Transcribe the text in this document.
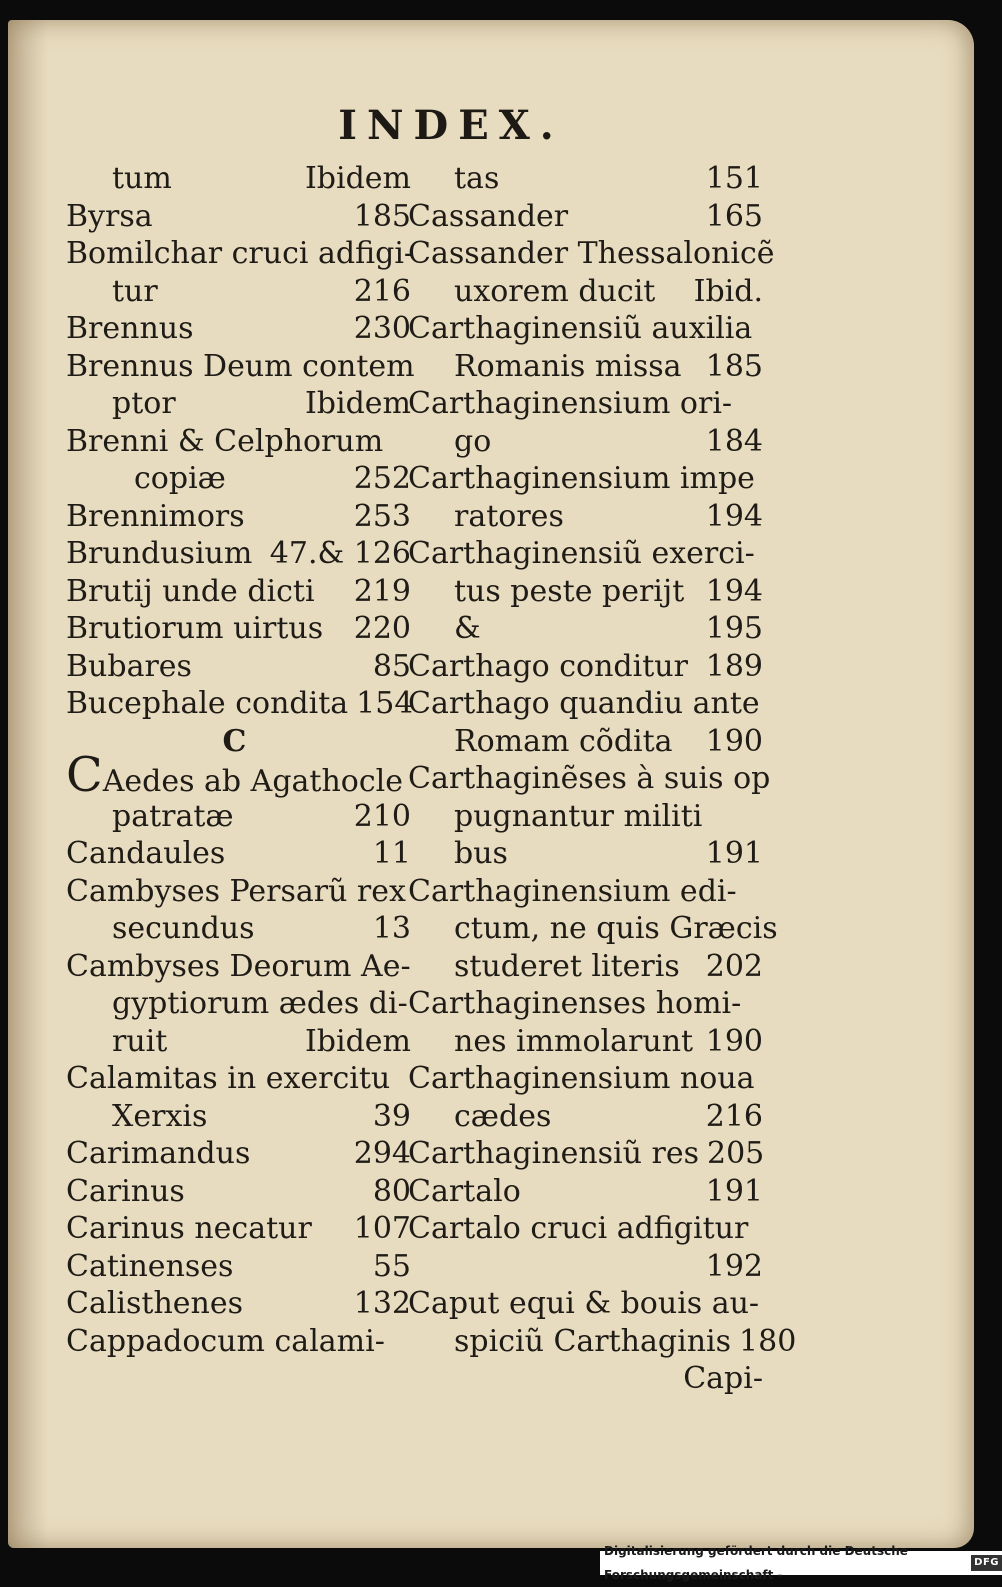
INDEX.
tum	Ibidem
Byrsa	185
Bomilchar cruci adfigi-
tur	216
Brennus	230
Brennus Deum contem
ptor	Ibidem
Brenni & Celphorum
copiæ	252
Brennimors	253
Brundusium 47.& 126
Brutij unde dicti	219
Brutiorum uirtus	220
Bubares	85
Bucephale condita 154
C
CAedes ab Agathocle
patratæ	210
Candaules	11
Cambyses Persarũ rex
secundus	13
Cambyses Deorum Ae-
gyptiorum ædes di-
ruit	Ibidem
Calamitas in exercitu
Xerxis	39
Carimandus	294
Carinus	80
Carinus necatur	107
Catinenses	55
Calisthenes	132
Cappadocum calami-
tas	151
Cassander	165
Cassander Thessalonicẽ
uxorem ducit	Ibid.
Carthaginensiũ auxilia
Romanis missa 185
Carthaginensium ori-
go	184
Carthaginensium impe
ratores	194
Carthaginensiũ exerci-
tus peste perijt 194
&	195
Carthago conditur 189
Carthago quandiu ante
Romam cõdita	190
Carthaginẽses à suis op
pugnantur militi
bus	191
Carthaginensium edi-
ctum, ne quis Græcis
studeret literis 202
Carthaginenses homi-
nes immolarunt 190
Carthaginensium noua
cædes	216
Carthaginensiũ res 205
Cartalo	191
Cartalo cruci adfigitur
192
Caput equi & bouis au-
spiciũ Carthaginis 180
Capi-
Digitalisierung gefördert durch die Deutsche Forschungsgemeinschaft -
DFG
